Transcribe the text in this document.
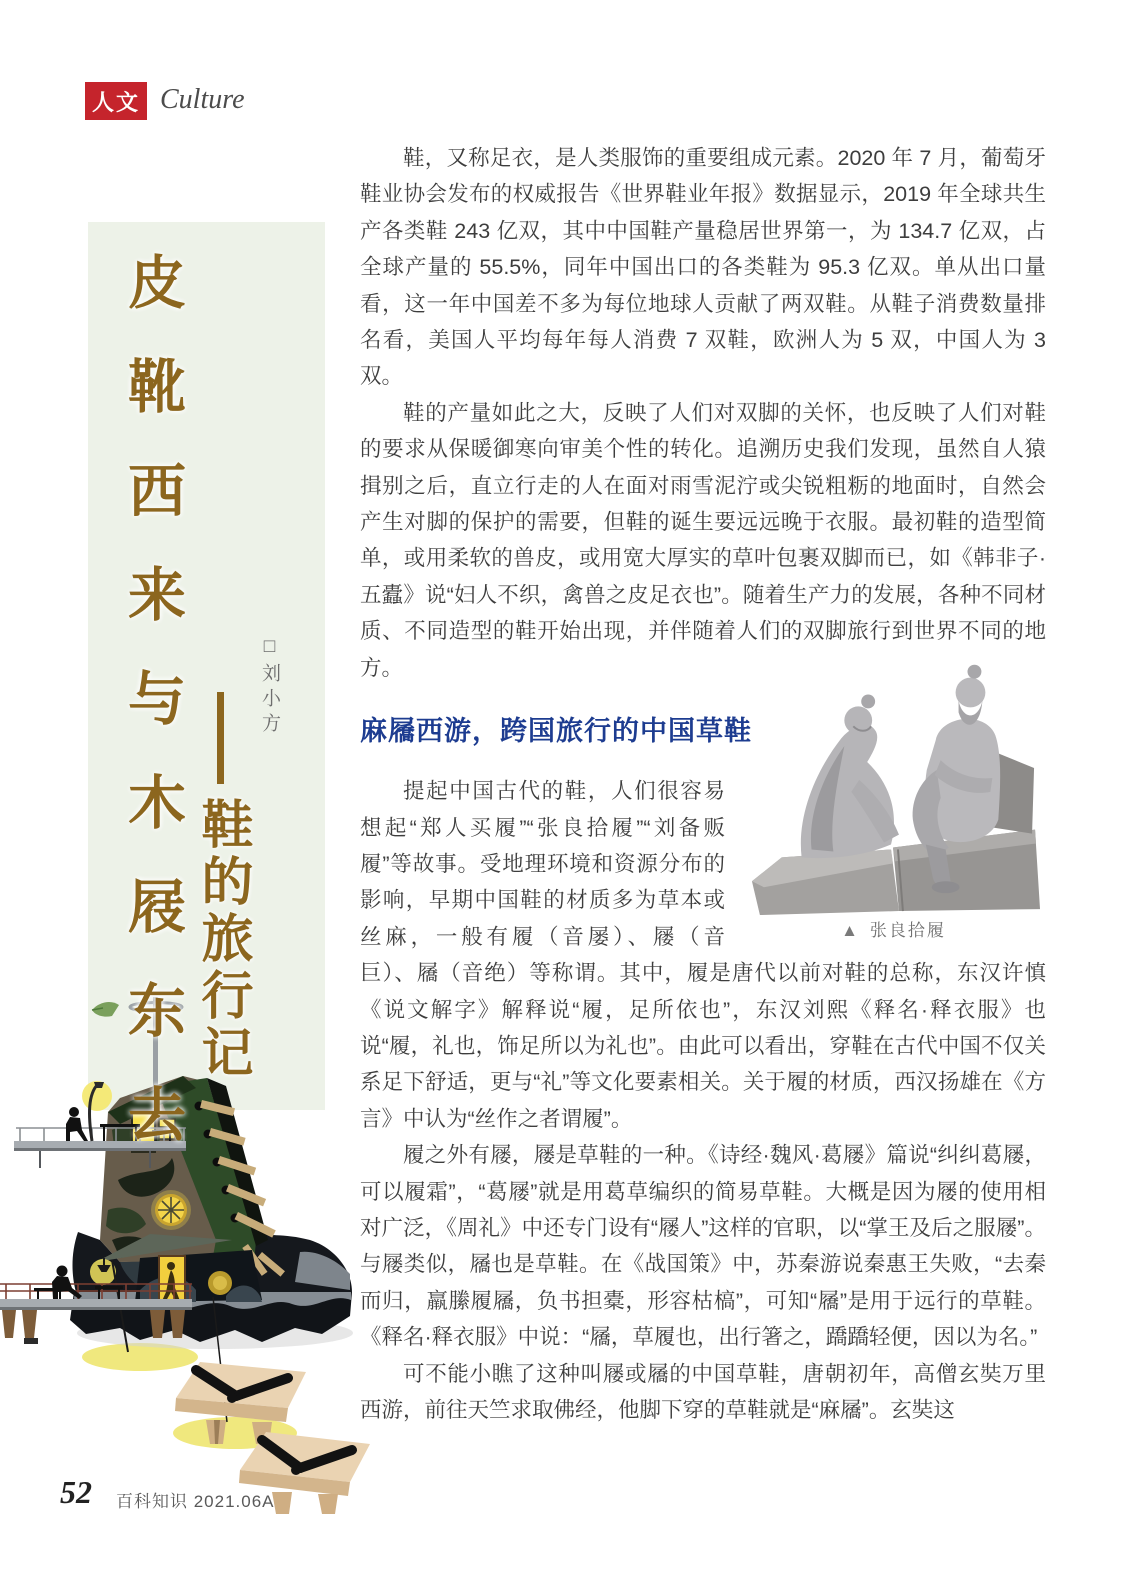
人文 Culture
皮靴西来与木屐东去 鞋的旅行记
□刘小方

鞋，又称足衣，是人类服饰的重要组成元素。2020 年 7 月，葡萄牙鞋业协会发布的权威报告《世界鞋业年报》数据显示，2019 年全球共生产各类鞋 243 亿双，其中中国鞋产量稳居世界第一，为 134.7 亿双，占全球产量的 55.5%，同年中国出口的各类鞋为 95.3 亿双。单从出口量看，这一年中国差不多为每位地球人贡献了两双鞋。从鞋子消费数量排名看，美国人平均每年每人消费 7 双鞋，欧洲人为 5 双，中国人为 3 双。

鞋的产量如此之大，反映了人们对双脚的关怀，也反映了人们对鞋的要求从保暖御寒向审美个性的转化。追溯历史我们发现，虽然自人猿揖别之后，直立行走的人在面对雨雪泥泞或尖锐粗粝的地面时，自然会产生对脚的保护的需要，但鞋的诞生要远远晚于衣服。最初鞋的造型简单，或用柔软的兽皮，或用宽大厚实的草叶包裹双脚而已，如《韩非子·五蠹》说“妇人不织，禽兽之皮足衣也”。随着生产力的发展，各种不同材质、不同造型的鞋开始出现，并伴随着人们的双脚旅行到世界不同的地方。

麻屩西游，跨国旅行的中国草鞋
▲ 张良拾履

提起中国古代的鞋，人们很容易想起“郑人买履”“张良拾履”“刘备贩履”等故事。受地理环境和资源分布的影响，早期中国鞋的材质多为草本或丝麻，一般有履（音屡）、屦（音巨）、屩（音绝）等称谓。其中，履是唐代以前对鞋的总称，东汉许慎《说文解字》解释说“履，足所依也”，东汉刘熙《释名·释衣服》也说“履，礼也，饰足所以为礼也”。由此可以看出，穿鞋在古代中国不仅关系足下舒适，更与“礼”等文化要素相关。关于履的材质，西汉扬雄在《方言》中认为“丝作之者谓履”。

履之外有屦，屦是草鞋的一种。《诗经·魏风·葛屦》篇说“纠纠葛屦，可以履霜”，“葛屦”就是用葛草编织的简易草鞋。大概是因为屦的使用相对广泛，《周礼》中还专门设有“屦人”这样的官职，以“掌王及后之服屦”。与屦类似，屩也是草鞋。在《战国策》中，苏秦游说秦惠王失败，“去秦而归，羸縢履屩，负书担橐，形容枯槁”，可知“屩”是用于远行的草鞋。《释名·释衣服》中说：“屩，草履也，出行箸之，蹻蹻轻便，因以为名。”

可不能小瞧了这种叫屦或屩的中国草鞋，唐朝初年，高僧玄奘万里西游，前往天竺求取佛经，他脚下穿的草鞋就是“麻屩”。玄奘这

52 百科知识 2021.06A
